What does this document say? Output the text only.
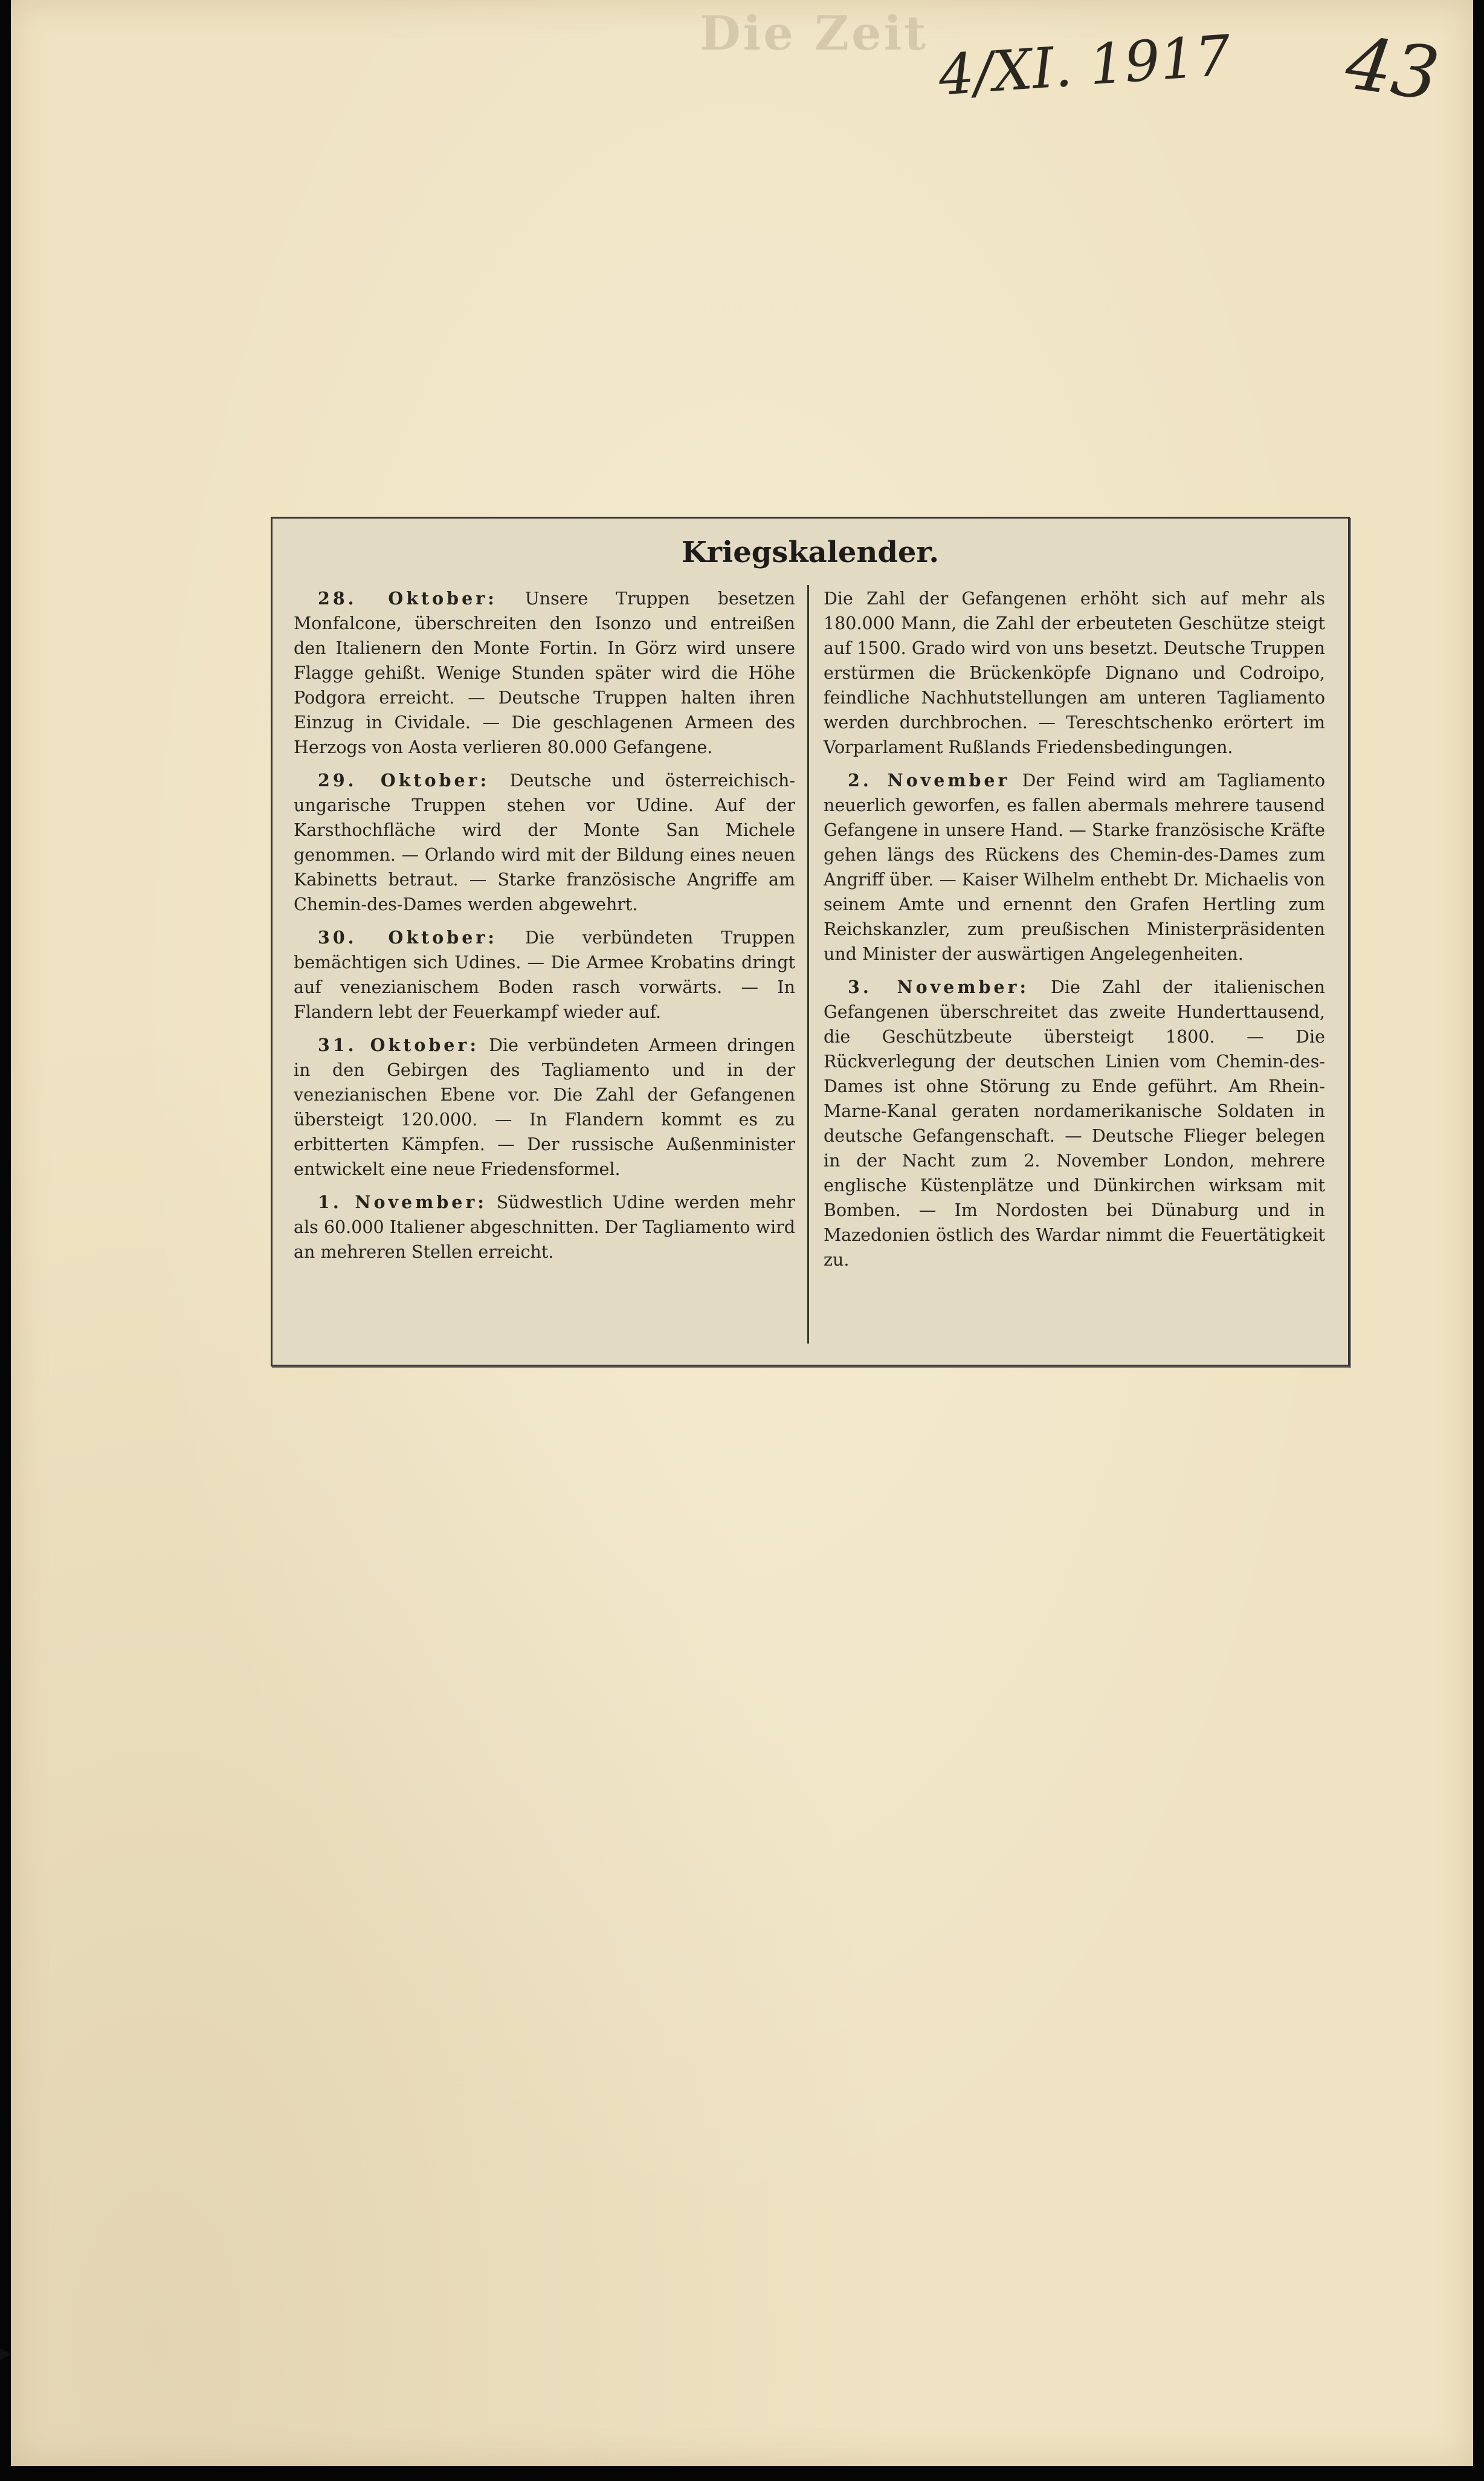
Die Zeit 4/XI. 1917 43
Kriegskalender.

28. Oktober: Unsere Truppen besetzen Monfalcone, überschreiten den Isonzo und entreißen den Italienern den Monte Fortin. In Görz wird unsere Flagge gehißt. Wenige Stunden später wird die Höhe Podgora erreicht. — Deutsche Truppen halten ihren Einzug in Cividale. — Die geschlagenen Armeen des Herzogs von Aosta verlieren 80.000 Gefangene.

29. Oktober: Deutsche und österreichisch-ungarische Truppen stehen vor Udine. Auf der Karsthochfläche wird der Monte San Michele genommen. — Orlando wird mit der Bildung eines neuen Kabinetts betraut. — Starke französische Angriffe am Chemin-des-Dames werden abgewehrt.

30. Oktober: Die verbündeten Truppen bemächtigen sich Udines. — Die Armee Krobatins dringt auf venezianischem Boden rasch vorwärts. — In Flandern lebt der Feuerkampf wieder auf.

31. Oktober: Die verbündeten Armeen dringen in den Gebirgen des Tagliamento und in der venezianischen Ebene vor. Die Zahl der Gefangenen übersteigt 120.000. — In Flandern kommt es zu erbitterten Kämpfen. — Der russische Außenminister entwickelt eine neue Friedensformel.

1. November: Südwestlich Udine werden mehr als 60.000 Italiener abgeschnitten. Der Tagliamento wird an mehreren Stellen erreicht.

Die Zahl der Gefangenen erhöht sich auf mehr als 180.000 Mann, die Zahl der erbeuteten Geschütze steigt auf 1500. Grado wird von uns besetzt. Deutsche Truppen erstürmen die Brückenköpfe Dignano und Codroipo, feindliche Nachhutstellungen am unteren Tagliamento werden durchbrochen. — Tereschtschenko erörtert im Vorparlament Rußlands Friedensbedingungen.

2. November Der Feind wird am Tagliamento neuerlich geworfen, es fallen abermals mehrere tausend Gefangene in unsere Hand. — Starke französische Kräfte gehen längs des Rückens des Chemin-des-Dames zum Angriff über. — Kaiser Wilhelm enthebt Dr. Michaelis von seinem Amte und ernennt den Grafen Hertling zum Reichskanzler, zum preußischen Ministerpräsidenten und Minister der auswärtigen Angelegenheiten.

3. November: Die Zahl der italienischen Gefangenen überschreitet das zweite Hunderttausend, die Geschützbeute übersteigt 1800. — Die Rückverlegung der deutschen Linien vom Chemin-des-Dames ist ohne Störung zu Ende geführt. Am Rhein-Marne-Kanal geraten nordamerikanische Soldaten in deutsche Gefangenschaft. — Deutsche Flieger belegen in der Nacht zum 2. November London, mehrere englische Küstenplätze und Dünkirchen wirksam mit Bomben. — Im Nordosten bei Dünaburg und in Mazedonien östlich des Wardar nimmt die Feuertätigkeit zu.
